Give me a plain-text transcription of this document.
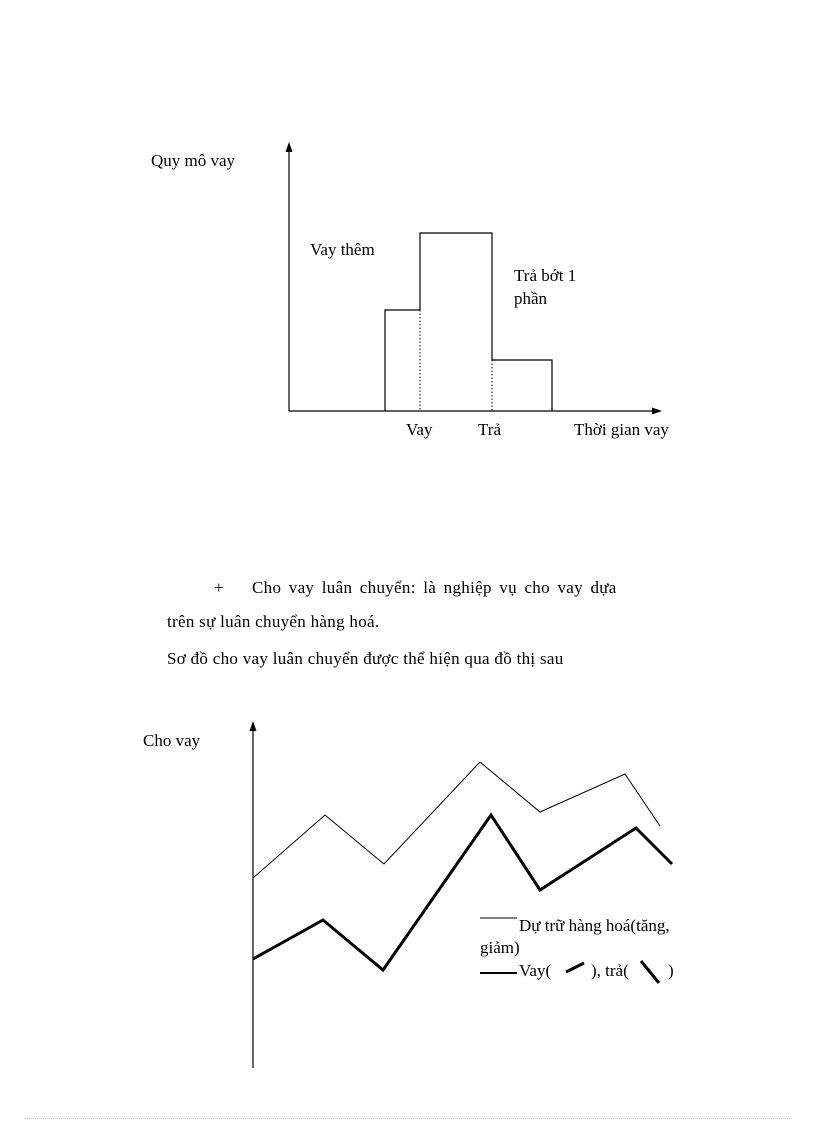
Quy mô vay
Vay thêm
Trả bớt 1
phần
Vay	Trả	Thời gian vay
+ Cho vay luân chuyển: là nghiệp vụ cho vay dựa
trên sự luân chuyển hàng hoá.
Sơ đồ cho vay luân chuyển được thể hiện qua đồ thị sau
Cho vay
Dự trữ hàng hoá(tăng,
giảm)
Vay( ), trả( )
